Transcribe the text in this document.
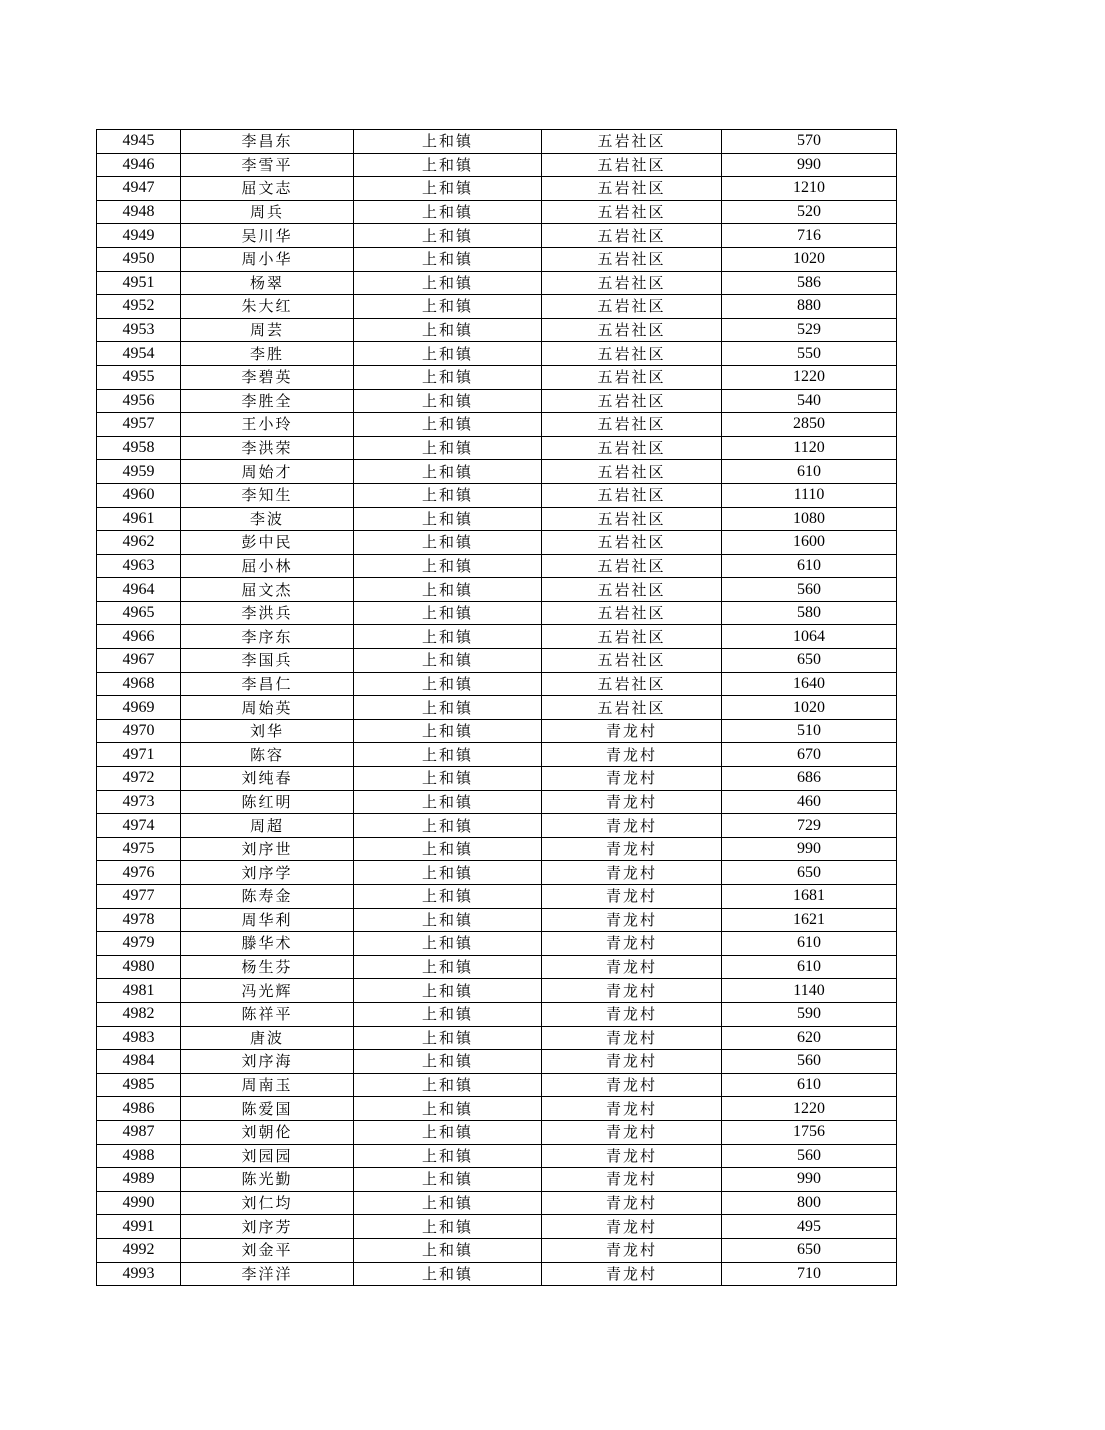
4945	李昌东	上和镇	五岩社区	570
4946	李雪平	上和镇	五岩社区	990
4947	屈文志	上和镇	五岩社区	1210
4948	周兵	上和镇	五岩社区	520
4949	吴川华	上和镇	五岩社区	716
4950	周小华	上和镇	五岩社区	1020
4951	杨翠	上和镇	五岩社区	586
4952	朱大红	上和镇	五岩社区	880
4953	周芸	上和镇	五岩社区	529
4954	李胜	上和镇	五岩社区	550
4955	李碧英	上和镇	五岩社区	1220
4956	李胜全	上和镇	五岩社区	540
4957	王小玲	上和镇	五岩社区	2850
4958	李洪荣	上和镇	五岩社区	1120
4959	周始才	上和镇	五岩社区	610
4960	李知生	上和镇	五岩社区	1110
4961	李波	上和镇	五岩社区	1080
4962	彭中民	上和镇	五岩社区	1600
4963	屈小林	上和镇	五岩社区	610
4964	屈文杰	上和镇	五岩社区	560
4965	李洪兵	上和镇	五岩社区	580
4966	李序东	上和镇	五岩社区	1064
4967	李国兵	上和镇	五岩社区	650
4968	李昌仁	上和镇	五岩社区	1640
4969	周始英	上和镇	五岩社区	1020
4970	刘华	上和镇	青龙村	510
4971	陈容	上和镇	青龙村	670
4972	刘纯春	上和镇	青龙村	686
4973	陈红明	上和镇	青龙村	460
4974	周超	上和镇	青龙村	729
4975	刘序世	上和镇	青龙村	990
4976	刘序学	上和镇	青龙村	650
4977	陈寿金	上和镇	青龙村	1681
4978	周华利	上和镇	青龙村	1621
4979	滕华术	上和镇	青龙村	610
4980	杨生芬	上和镇	青龙村	610
4981	冯光辉	上和镇	青龙村	1140
4982	陈祥平	上和镇	青龙村	590
4983	唐波	上和镇	青龙村	620
4984	刘序海	上和镇	青龙村	560
4985	周南玉	上和镇	青龙村	610
4986	陈爱国	上和镇	青龙村	1220
4987	刘朝伦	上和镇	青龙村	1756
4988	刘园园	上和镇	青龙村	560
4989	陈光勤	上和镇	青龙村	990
4990	刘仁均	上和镇	青龙村	800
4991	刘序芳	上和镇	青龙村	495
4992	刘金平	上和镇	青龙村	650
4993	李洋洋	上和镇	青龙村	710
